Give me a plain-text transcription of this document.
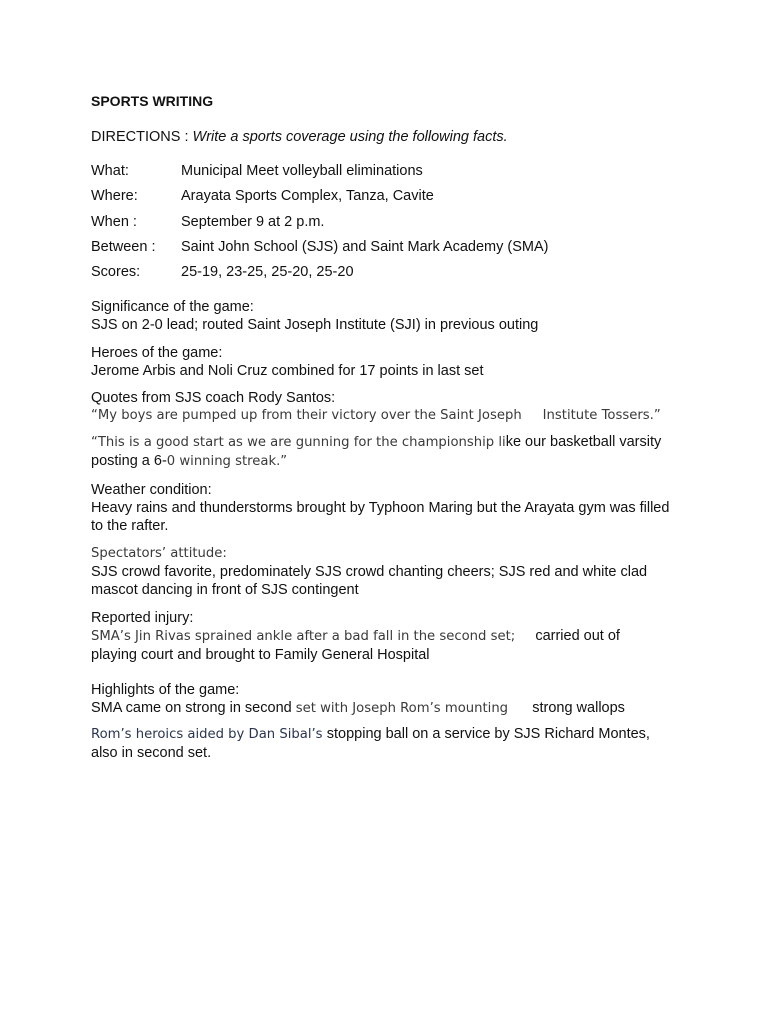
SPORTS WRITING

DIRECTIONS : Write a sports coverage using the following facts.

What:	Municipal Meet volleyball eliminations
Where:	Arayata Sports Complex, Tanza, Cavite
When :	September 9 at 2 p.m.
Between :	Saint John School (SJS) and Saint Mark Academy (SMA)
Scores:	25-19, 23-25, 25-20, 25-20

Significance of the game:

SJS on 2-0 lead; routed Saint Joseph Institute (SJI) in previous outing

Heroes of the game:

Jerome Arbis and Noli Cruz combined for 17 points in last set

Quotes from SJS coach Rody Santos:

“My boys are pumped up from their victory over the Saint Joseph     Institute Tossers.”

“This is a good start as we are gunning for the championship like our basketball varsity
posting a 6-0 winning streak.”

Weather condition:

Heavy rains and thunderstorms brought by Typhoon Maring but the Arayata gym was filled to the rafter.

Spectators’ attitude:

SJS crowd favorite, predominately SJS crowd chanting cheers; SJS red and white clad mascot dancing in front of SJS contingent

Reported injury:

SMA’s Jin Rivas sprained ankle after a bad fall in the second set;     carried out of

playing court and brought to Family General Hospital

Highlights of the game:

SMA came on strong in second set with Joseph Rom’s mounting      strong wallops

Rom’s heroics aided by Dan Sibal’s stopping ball on a service by SJS Richard Montes,
also in second set.
